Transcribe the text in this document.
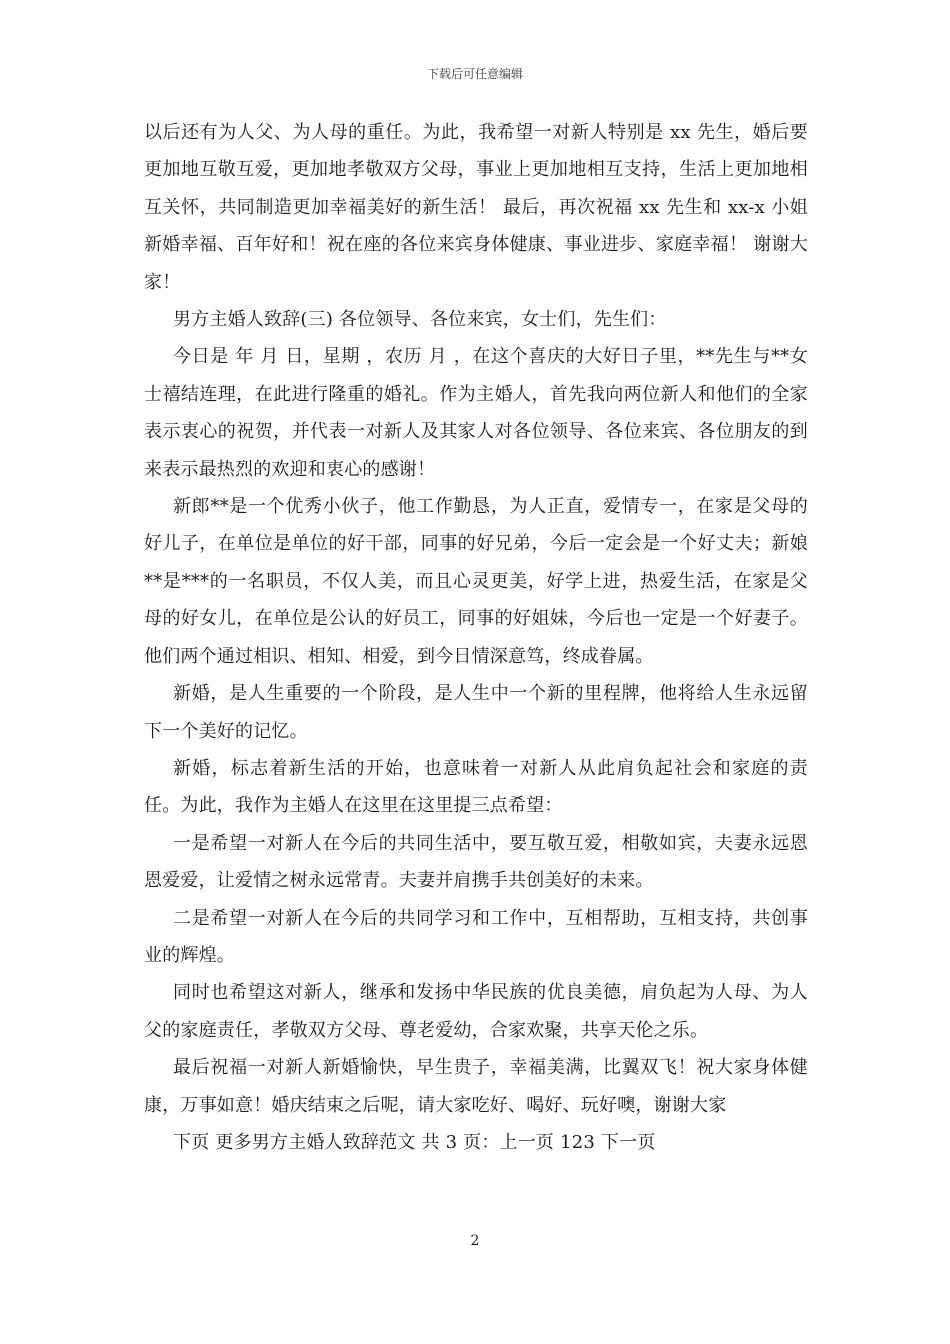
下载后可任意编辑

以后还有为人父、为人母的重任。为此，我希望一对新人特别是 xx 先生，婚后要更加地互敬互爱，更加地孝敬双方父母，事业上更加地相互支持，生活上更加地相互关怀，共同制造更加幸福美好的新生活！ 最后，再次祝福 xx 先生和 xx-x 小姐新婚幸福、百年好和！祝在座的各位来宾身体健康、事业进步、家庭幸福！ 谢谢大家！

男方主婚人致辞(三) 各位领导、各位来宾，女士们，先生们：

今日是 年 月 日，星期 ，农历 月 ，在这个喜庆的大好日子里，**先生与**女士禧结连理，在此进行隆重的婚礼。作为主婚人，首先我向两位新人和他们的全家表示衷心的祝贺，并代表一对新人及其家人对各位领导、各位来宾、各位朋友的到来表示最热烈的欢迎和衷心的感谢！

新郎**是一个优秀小伙子，他工作勤恳，为人正直，爱情专一，在家是父母的好儿子，在单位是单位的好干部，同事的好兄弟，今后一定会是一个好丈夫；新娘**是***的一名职员，不仅人美，而且心灵更美，好学上进，热爱生活，在家是父母的好女儿，在单位是公认的好员工，同事的好姐妹，今后也一定是一个好妻子。他们两个通过相识、相知、相爱，到今日情深意笃，终成眷属。

新婚，是人生重要的一个阶段，是人生中一个新的里程牌，他将给人生永远留下一个美好的记忆。

新婚，标志着新生活的开始，也意味着一对新人从此肩负起社会和家庭的责任。为此，我作为主婚人在这里在这里提三点希望：

一是希望一对新人在今后的共同生活中，要互敬互爱，相敬如宾，夫妻永远恩恩爱爱，让爱情之树永远常青。夫妻并肩携手共创美好的未来。

二是希望一对新人在今后的共同学习和工作中，互相帮助，互相支持，共创事业的辉煌。

同时也希望这对新人，继承和发扬中华民族的优良美德，肩负起为人母、为人父的家庭责任，孝敬双方父母、尊老爱幼，合家欢聚，共享天伦之乐。

最后祝福一对新人新婚愉快，早生贵子，幸福美满，比翼双飞！祝大家身体健康，万事如意！婚庆结束之后呢，请大家吃好、喝好、玩好噢，谢谢大家

下页 更多男方主婚人致辞范文 共 3 页：上一页 123 下一页

2
